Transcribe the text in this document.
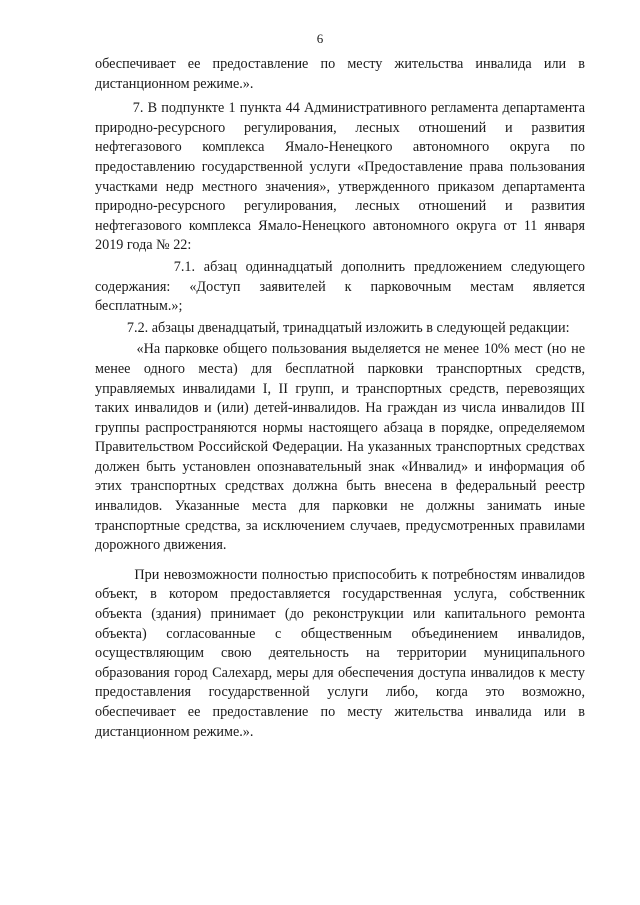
6
обеспечивает ее предоставление по месту жительства инвалида или в
дистанционном режиме.».
7. В подпункте 1 пункта 44 Административного регламента департамента
природно-ресурсного регулирования, лесных отношений и развития
нефтегазового комплекса Ямало-Ненецкого автономного округа по
предоставлению государственной услуги «Предоставление права пользования
участками недр местного значения», утвержденного приказом департамента
природно-ресурсного регулирования, лесных отношений и развития
нефтегазового комплекса Ямало-Ненецкого автономного округа от 11 января
2019 года № 22:
7.1. абзац одиннадцатый дополнить предложением следующего
содержания: «Доступ заявителей к парковочным местам является
бесплатным.»;
7.2. абзацы двенадцатый, тринадцатый изложить в следующей редакции:
«На парковке общего пользования выделяется не менее 10% мест (но не
менее одного места) для бесплатной парковки транспортных средств,
управляемых инвалидами I, II групп, и транспортных средств, перевозящих
таких инвалидов и (или) детей-инвалидов. На граждан из числа инвалидов III
группы распространяются нормы настоящего абзаца в порядке, определяемом
Правительством Российской Федерации. На указанных транспортных средствах
должен быть установлен опознавательный знак «Инвалид» и информация об
этих транспортных средствах должна быть внесена в федеральный реестр
инвалидов. Указанные места для парковки не должны занимать иные
транспортные средства, за исключением случаев, предусмотренных правилами
дорожного движения.
При невозможности полностью приспособить к потребностям инвалидов
объект, в котором предоставляется государственная услуга, собственник
объекта (здания) принимает (до реконструкции или капитального ремонта
объекта) согласованные с общественным объединением инвалидов,
осуществляющим свою деятельность на территории муниципального
образования город Салехард, меры для обеспечения доступа инвалидов к месту
предоставления государственной услуги либо, когда это возможно,
обеспечивает ее предоставление по месту жительства инвалида или в
дистанционном режиме.».
